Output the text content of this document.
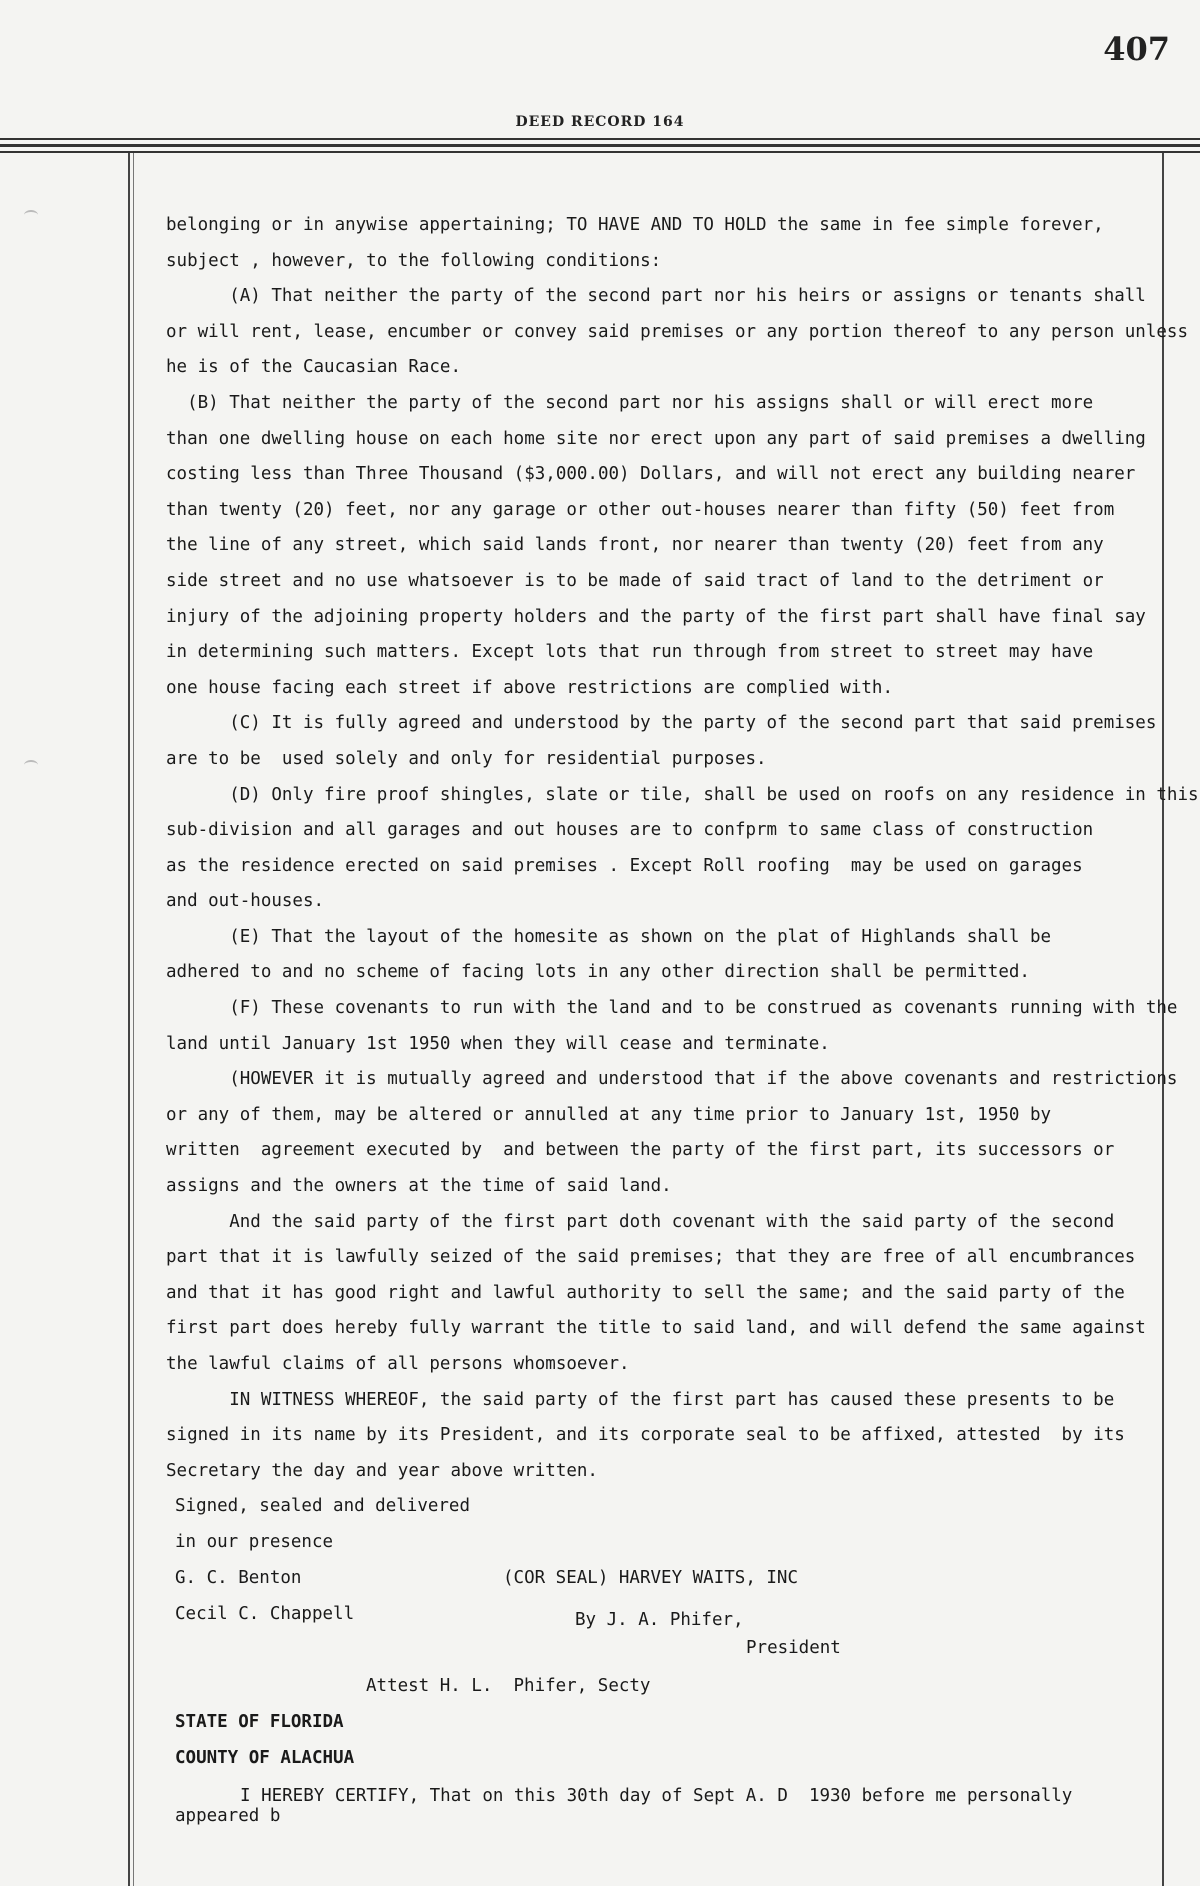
407
DEED RECORD 164
belonging or in anywise appertaining; TO HAVE AND TO HOLD the same in fee simple forever,
subject , however, to the following conditions:
(A) That neither the party of the second part nor his heirs or assigns or tenants shall
or will rent, lease, encumber or convey said premises or any portion thereof to any person unless
he is of the Caucasian Race.
(B) That neither the party of the second part nor his assigns shall or will erect more
than one dwelling house on each home site nor erect upon any part of said premises a dwelling
costing less than Three Thousand ($3,000.00) Dollars, and will not erect any building nearer
than twenty (20) feet, nor any garage or other out-houses nearer than fifty (50) feet from
the line of any street, which said lands front, nor nearer than twenty (20) feet from any
side street and no use whatsoever is to be made of said tract of land to the detriment or
injury of the adjoining property holders and the party of the first part shall have final say
in determining such matters. Except lots that run through from street to street may have
one house facing each street if above restrictions are complied with.
(C) It is fully agreed and understood by the party of the second part that said premises
are to be  used solely and only for residential purposes.
(D) Only fire proof shingles, slate or tile, shall be used on roofs on any residence in this
sub-division and all garages and out houses are to confprm to same class of construction
as the residence erected on said premises . Except Roll roofing  may be used on garages
and out-houses.
(E) That the layout of the homesite as shown on the plat of Highlands shall be
adhered to and no scheme of facing lots in any other direction shall be permitted.
(F) These covenants to run with the land and to be construed as covenants running with the
land until January 1st 1950 when they will cease and terminate.
(HOWEVER it is mutually agreed and understood that if the above covenants and restrictions
or any of them, may be altered or annulled at any time prior to January 1st, 1950 by
written  agreement executed by  and between the party of the first part, its successors or
assigns and the owners at the time of said land.
And the said party of the first part doth covenant with the said party of the second
part that it is lawfully seized of the said premises; that they are free of all encumbrances
and that it has good right and lawful authority to sell the same; and the said party of the
first part does hereby fully warrant the title to said land, and will defend the same against
the lawful claims of all persons whomsoever.
IN WITNESS WHEREOF, the said party of the first part has caused these presents to be
signed in its name by its President, and its corporate seal to be affixed, attested  by its
Secretary the day and year above written.
Signed, sealed and delivered
in our presence
G. C. Benton	(COR SEAL) HARVEY WAITS, INC
Cecil C. Chappell	By J. A. Phifer,
President
Attest H. L.  Phifer, Secty
STATE OF FLORIDA
COUNTY OF ALACHUA
I HEREBY CERTIFY, That on this 30th day of Sept A. D  1930 before me personally
appeared b
